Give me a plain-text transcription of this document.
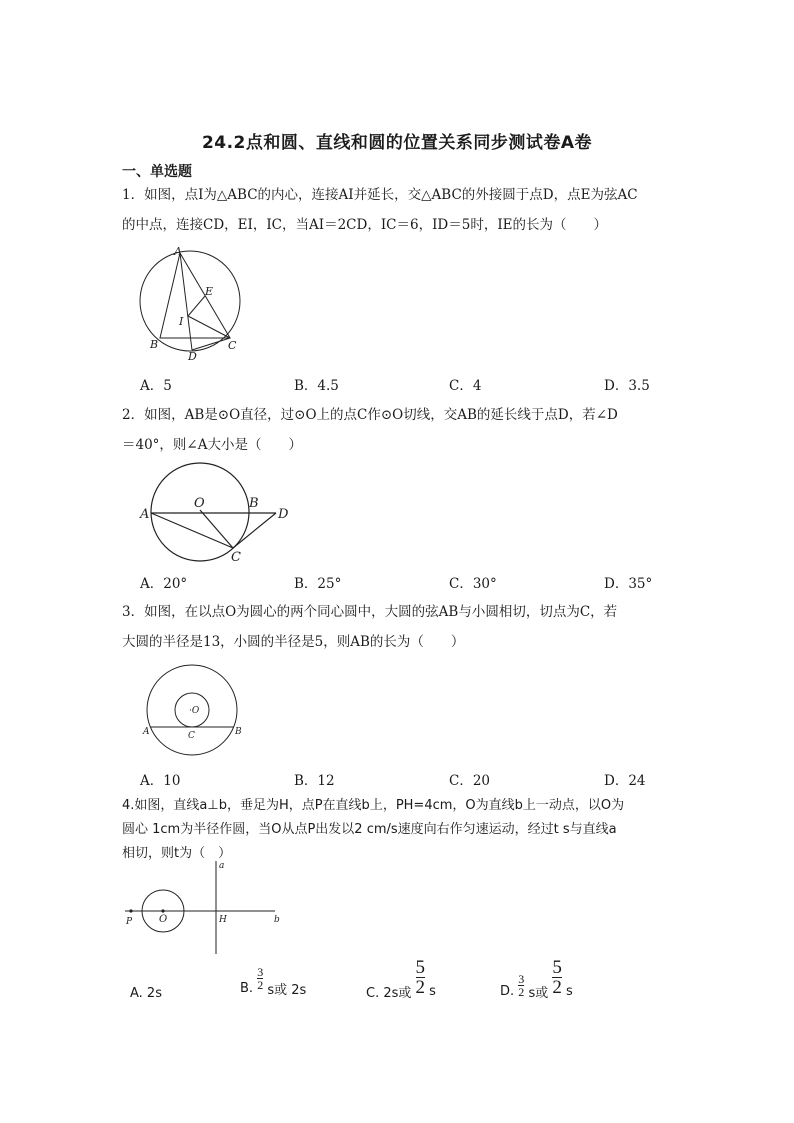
24.2点和圆、直线和圆的位置关系同步测试卷A卷
一、单选题
1．如图，点I为△ABC的内心，连接AI并延长，交△ABC的外接圆于点D，点E为弦AC
的中点，连接CD，EI，IC，当AI＝2CD，IC＝6，ID＝5时，IE的长为（　　）
A
B	C
D
E
I
A．5	B．4.5	C．4	D．3.5
2．如图，AB是⊙O直径，过⊙O上的点C作⊙O切线，交AB的延长线于点D，若∠D
＝40°，则∠A大小是（　　）
A
O	B
D
C
A．20°	B．25°	C．30°	D．35°
3．如图，在以点O为圆心的两个同心圆中，大圆的弦AB与小圆相切，切点为C，若
大圆的半径是13，小圆的半径是5，则AB的长为（　　）
A	B
C
·O
A．10	B．12	C．20	D．24
4.如图，直线a⊥b，垂足为H，点P在直线b上，PH=4cm，O为直线b上一动点，以O为
圆心 1cm为半径作圆，当O从点P出发以2 cm/s速度向右作匀速运动，经过t s与直线a
相切，则t为（　）
a
b
H
P	O
A. 2s	B. $\frac{3}{2}$ s或 2s	C. 2s或 $\frac{5}{2}$ s	D. $\frac{3}{2}$ s或 $\frac{5}{2}$ s
